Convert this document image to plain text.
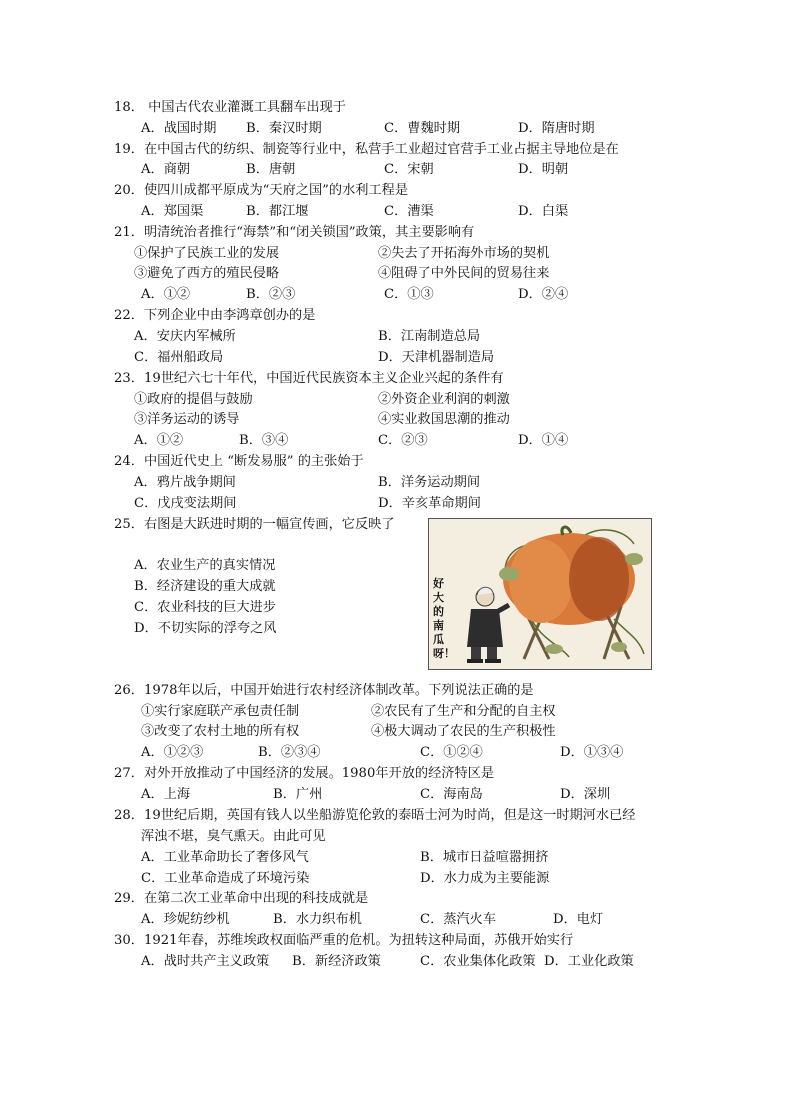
18． 中国古代农业灌溉工具翻车出现于
A．战国时期 B．秦汉时期	C．曹魏时期	D．隋唐时期
19．在中国古代的纺织、制瓷等行业中，私营手工业超过官营手工业占据主导地位是在
A．商朝	B．唐朝	C．宋朝	D．明朝
20．使四川成都平原成为“天府之国”的水利工程是
A．郑国渠	B．都江堰	C．漕渠	D．白渠
21．明清统治者推行“海禁”和“闭关锁国”政策，其主要影响有
①保护了民族工业的发展	②失去了开拓海外市场的契机
③避免了西方的殖民侵略	④阻碍了中外民间的贸易往来
A．①②	B．②③	C．①③	D．②④
22．下列企业中由李鸿章创办的是
A．安庆内军械所	B．江南制造总局
C．福州船政局	D．天津机器制造局
23．19世纪六七十年代，中国近代民族资本主义企业兴起的条件有
①政府的提倡与鼓励	②外资企业利润的刺激
③洋务运动的诱导	④实业救国思潮的推动
A．①②	B．③④	C．②③	D．①④
24．中国近代史上 “断发易服” 的主张始于
A．鸦片战争期间	B．洋务运动期间
C．戊戌变法期间	D．辛亥革命期间
25．右图是大跃进时期的一幅宣传画，它反映了
A．农业生产的真实情况
B．经济建设的重大成就
C．农业科技的巨大进步
D．不切实际的浮夸之风
好大的南瓜呀！
26．1978年以后，中国开始进行农村经济体制改革。下列说法正确的是
①实行家庭联产承包责任制	②农民有了生产和分配的自主权
③改变了农村土地的所有权	④极大调动了农民的生产积极性
A．①②③	B．②③④	C．①②④	D．①③④
27．对外开放推动了中国经济的发展。1980年开放的经济特区是
A．上海	B．广州	C．海南岛	D．深圳
28．19世纪后期，英国有钱人以坐船游览伦敦的泰晤士河为时尚，但是这一时期河水已经
浑浊不堪，臭气熏天。由此可见
A．工业革命助长了奢侈风气	B．城市日益喧嚣拥挤
C．工业革命造成了环境污染	D．水力成为主要能源
29．在第二次工业革命中出现的科技成就是
A．珍妮纺纱机	B．水力织布机	C．蒸汽火车	D．电灯
30．1921年春，苏维埃政权面临严重的危机。为扭转这种局面，苏俄开始实行
A．战时共产主义政策 B．新经济政策	C．农业集体化政策 D．工业化政策
